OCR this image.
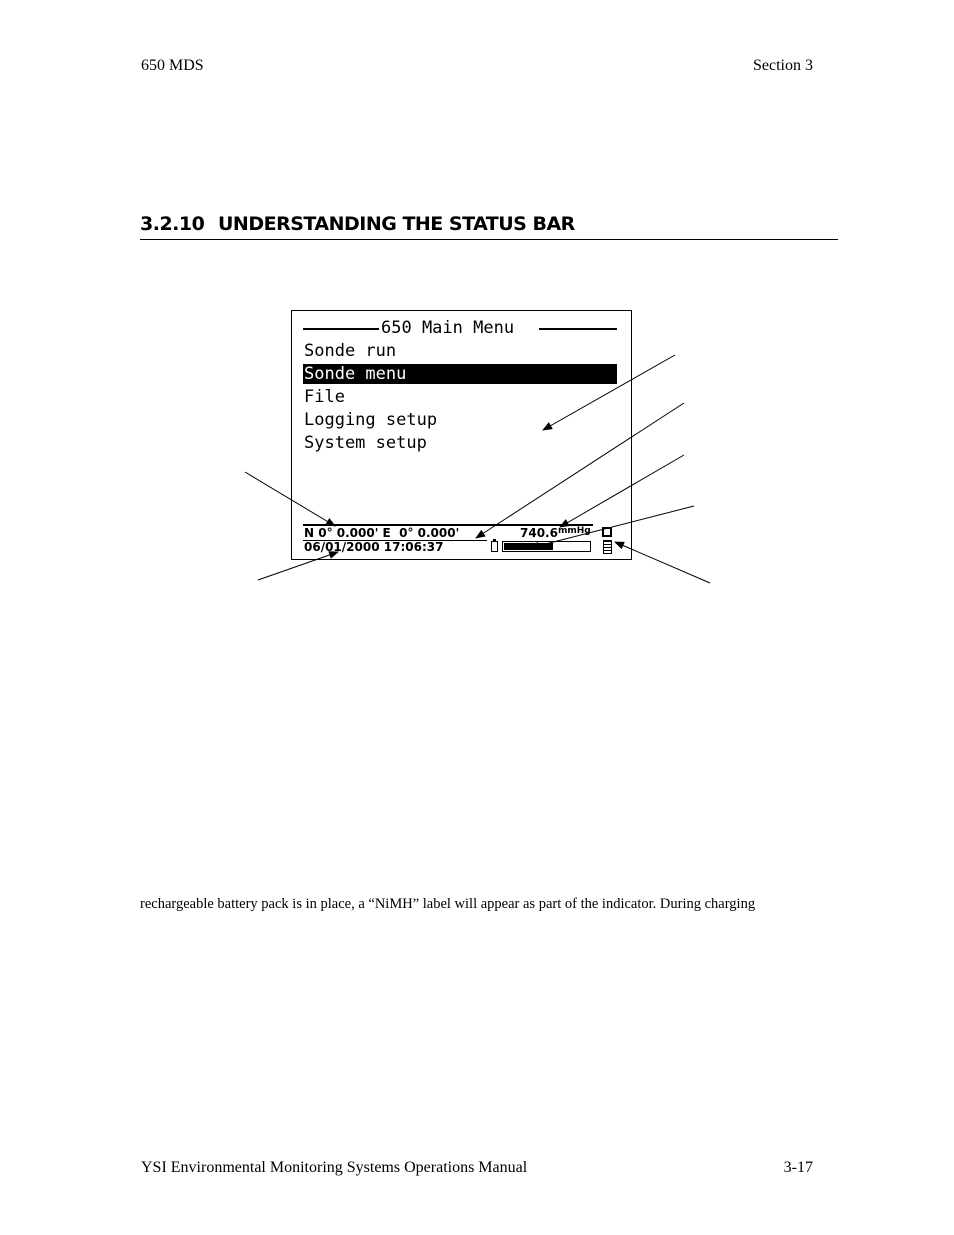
650 MDS	Section 3
3.2.10 UNDERSTANDING THE STATUS BAR
650 Main Menu
Sonde run
Sonde menu
File
Logging setup
System setup
N 0° 0.000' E  0° 0.000'	740.6 mmHg
06/01/2000 17:06:37
rechargeable battery pack is in place, a “NiMH” label will appear as part of the indicator. During charging
YSI Environmental Monitoring Systems Operations Manual	3-17
